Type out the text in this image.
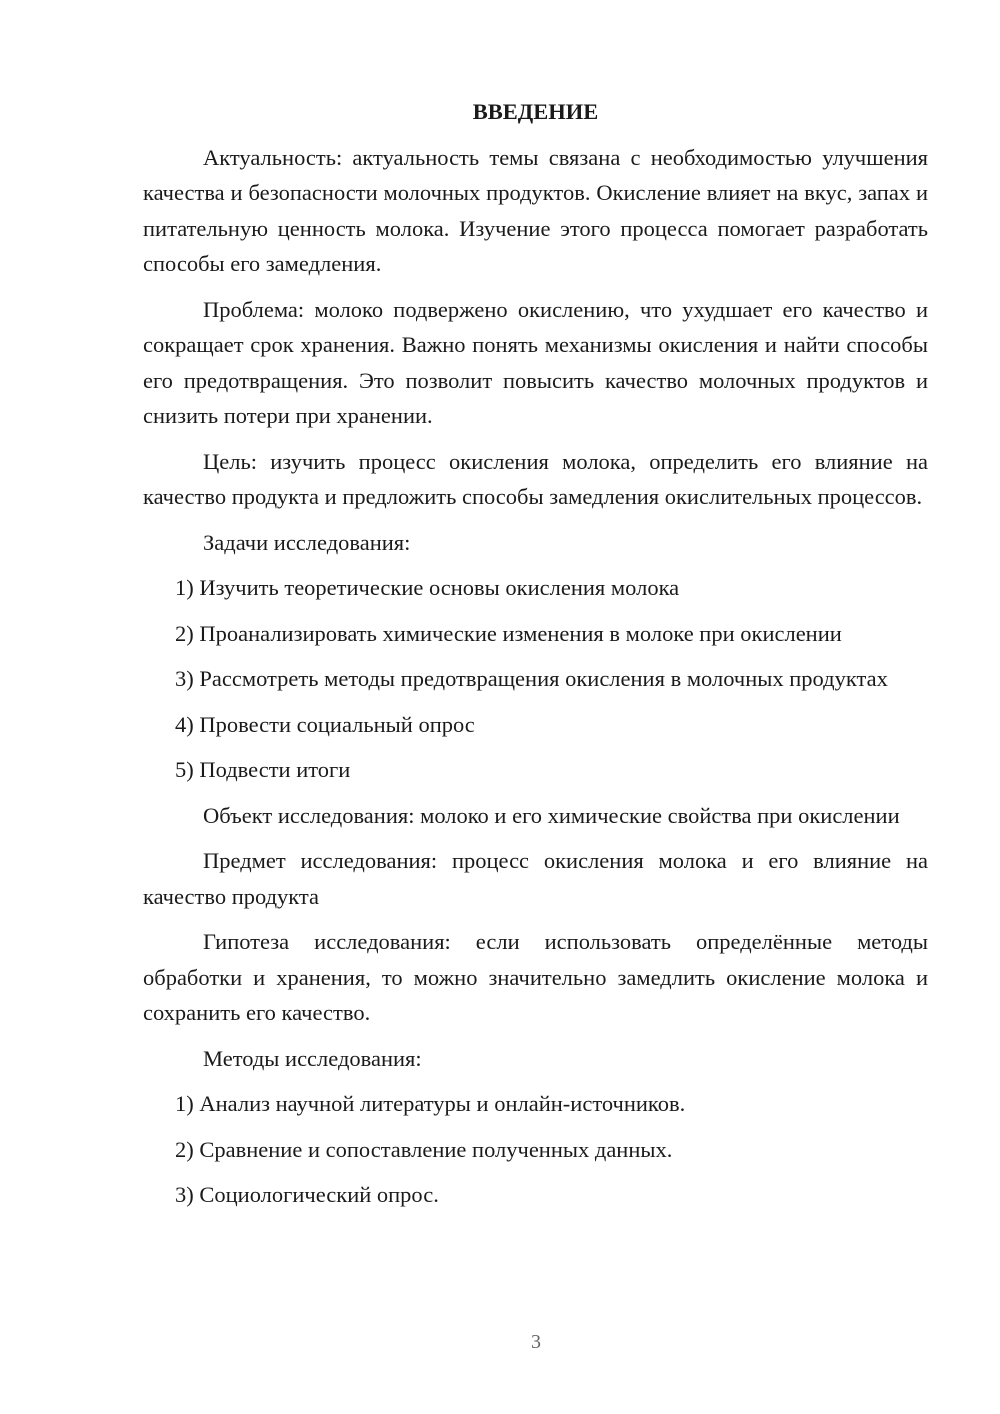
ВВЕДЕНИЕ

Актуальность: актуальность темы связана с необходимостью улучшения качества и безопасности молочных продуктов. Окисление влияет на вкус, запах и питательную ценность молока. Изучение этого процесса помогает разработать способы его замедления.

Проблема: молоко подвержено окислению, что ухудшает его качество и сокращает срок хранения. Важно понять механизмы окисления и найти способы его предотвращения. Это позволит повысить качество молочных продуктов и снизить потери при хранении.

Цель: изучить процесс окисления молока, определить его влияние на качество продукта и предложить способы замедления окислительных процессов.

Задачи исследования:

1) Изучить теоретические основы окисления молока

2) Проанализировать химические изменения в молоке при окислении

3) Рассмотреть методы предотвращения окисления в молочных продуктах

4) Провести социальный опрос

5) Подвести итоги

Объект исследования: молоко и его химические свойства при окислении

Предмет исследования: процесс окисления молока и его влияние на качество продукта

Гипотеза исследования: если использовать определённые методы обработки и хранения, то можно значительно замедлить окисление молока и сохранить его качество.

Методы исследования:

1) Анализ научной литературы и онлайн-источников.

2) Сравнение и сопоставление полученных данных.

3) Социологический опрос.

3
